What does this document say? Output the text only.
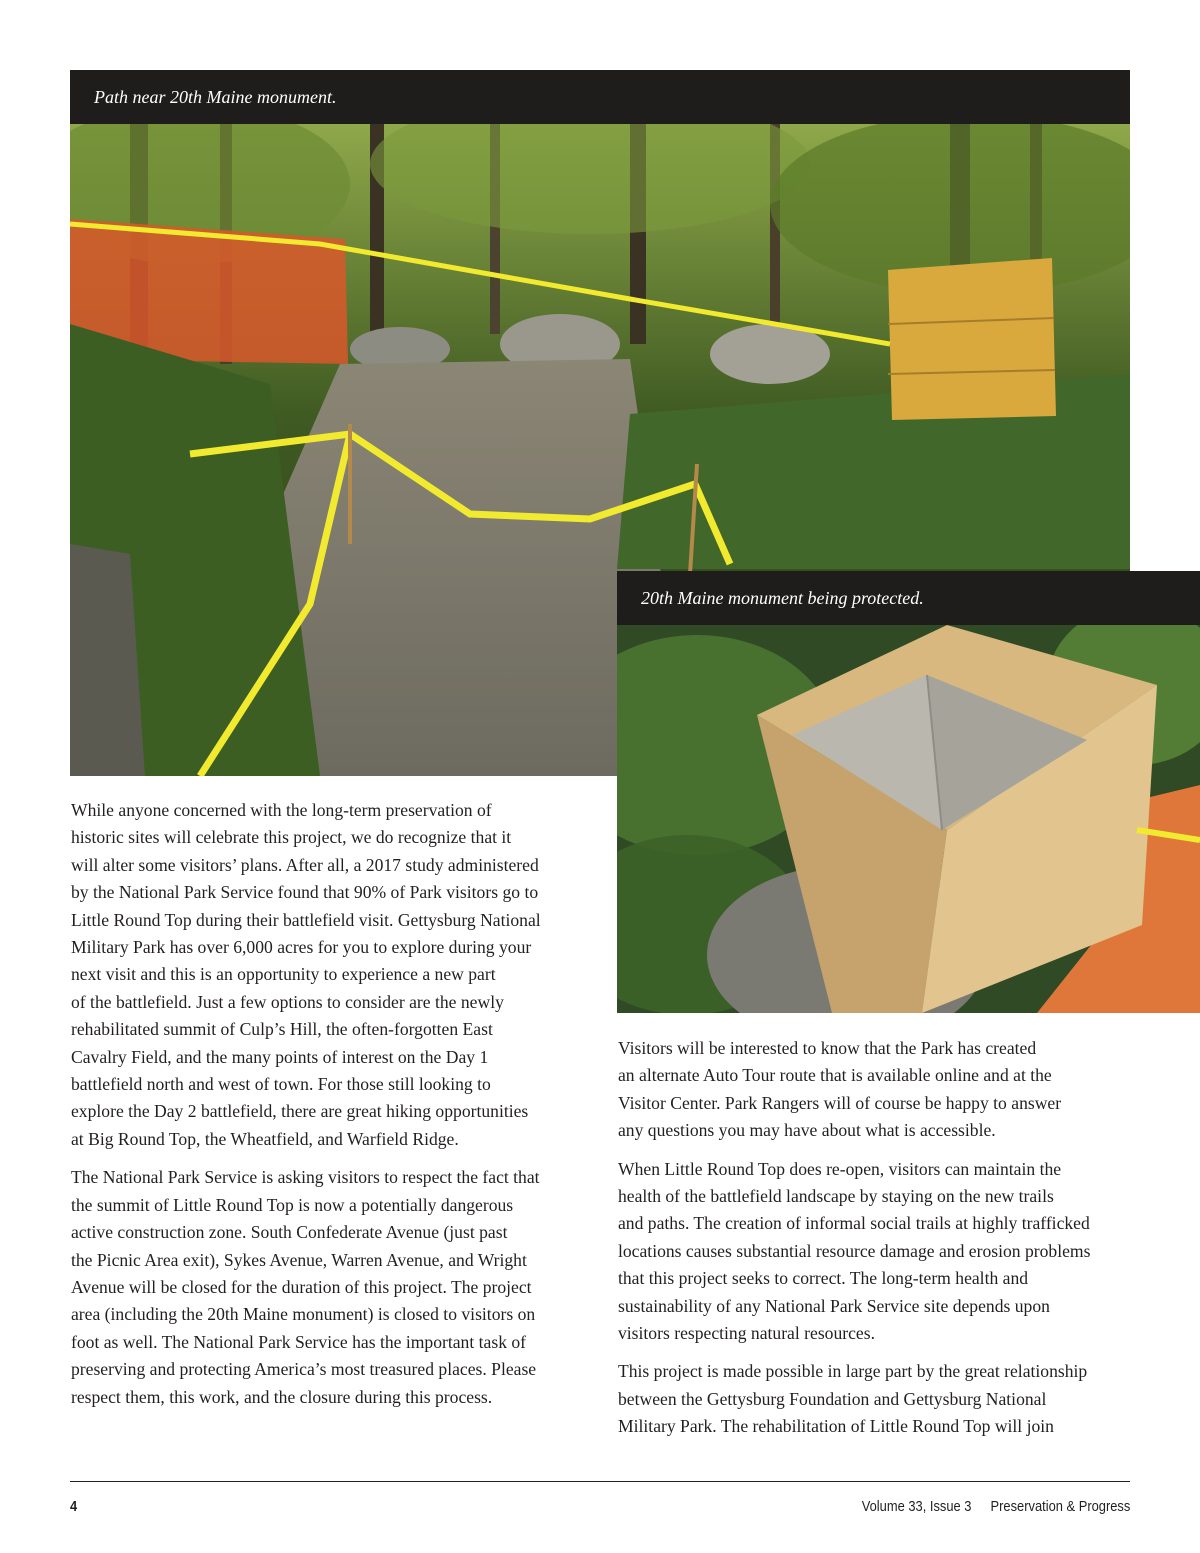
Path near 20th Maine monument.
20th Maine monument being protected.

While anyone concerned with the long-term preservation of
historic sites will celebrate this project, we do recognize that it
will alter some visitors’ plans. After all, a 2017 study administered
by the National Park Service found that 90% of Park visitors go to
Little Round Top during their battlefield visit. Gettysburg National
Military Park has over 6,000 acres for you to explore during your
next visit and this is an opportunity to experience a new part
of the battlefield. Just a few options to consider are the newly
rehabilitated summit of Culp’s Hill, the often-forgotten East
Cavalry Field, and the many points of interest on the Day 1
battlefield north and west of town. For those still looking to
explore the Day 2 battlefield, there are great hiking opportunities
at Big Round Top, the Wheatfield, and Warfield Ridge.

The National Park Service is asking visitors to respect the fact that
the summit of Little Round Top is now a potentially dangerous
active construction zone. South Confederate Avenue (just past
the Picnic Area exit), Sykes Avenue, Warren Avenue, and Wright
Avenue will be closed for the duration of this project. The project
area (including the 20th Maine monument) is closed to visitors on
foot as well. The National Park Service has the important task of
preserving and protecting America’s most treasured places. Please
respect them, this work, and the closure during this process.

Visitors will be interested to know that the Park has created
an alternate Auto Tour route that is available online and at the
Visitor Center. Park Rangers will of course be happy to answer
any questions you may have about what is accessible.

When Little Round Top does re-open, visitors can maintain the
health of the battlefield landscape by staying on the new trails
and paths. The creation of informal social trails at highly trafficked
locations causes substantial resource damage and erosion problems
that this project seeks to correct. The long-term health and
sustainability of any National Park Service site depends upon
visitors respecting natural resources.

This project is made possible in large part by the great relationship
between the Gettysburg Foundation and Gettysburg National
Military Park. The rehabilitation of Little Round Top will join

4	Volume 33, Issue 3 Preservation & Progress
